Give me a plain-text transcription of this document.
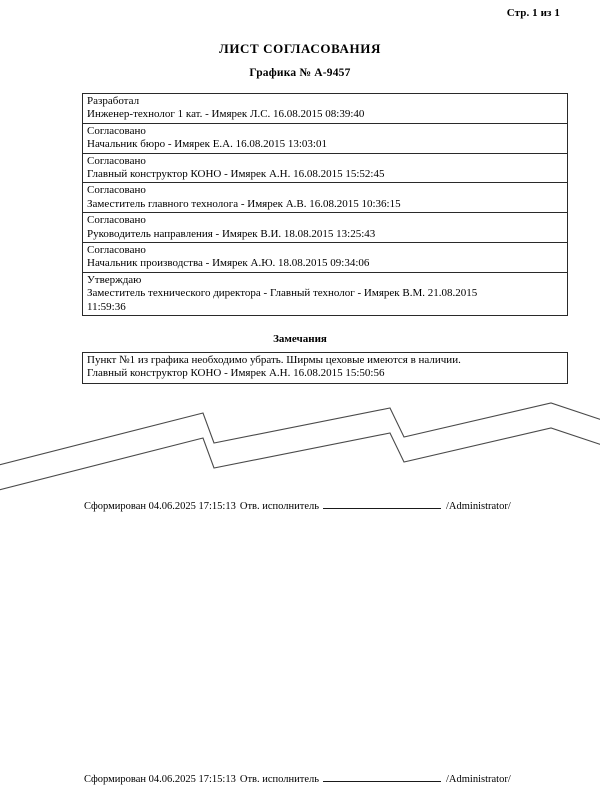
Стр. 1 из 1
ЛИСТ СОГЛАСОВАНИЯ
Графика № А-9457
Разработал
Инженер-технолог 1 кат. - Имярек Л.С. 16.08.2015 08:39:40
Согласовано
Начальник бюро - Имярек Е.А. 16.08.2015 13:03:01
Согласовано
Главный конструктор КОНО - Имярек А.Н. 16.08.2015 15:52:45
Согласовано
Заместитель главного технолога - Имярек А.В. 16.08.2015 10:36:15
Согласовано
Руководитель направления - Имярек В.И. 18.08.2015 13:25:43
Согласовано
Начальник производства - Имярек А.Ю. 18.08.2015 09:34:06
Утверждаю
Заместитель технического директора - Главный технолог - Имярек В.М. 21.08.2015
11:59:36
Замечания
Пункт №1 из графика необходимо убрать. Ширмы цеховые имеются в наличии.
Главный конструктор КОНО - Имярек А.Н. 16.08.2015 15:50:56
Сформирован 04.06.2025 17:15:13 Отв. исполнитель	/Administrator/
Сформирован 04.06.2025 17:15:13 Отв. исполнитель	/Administrator/
